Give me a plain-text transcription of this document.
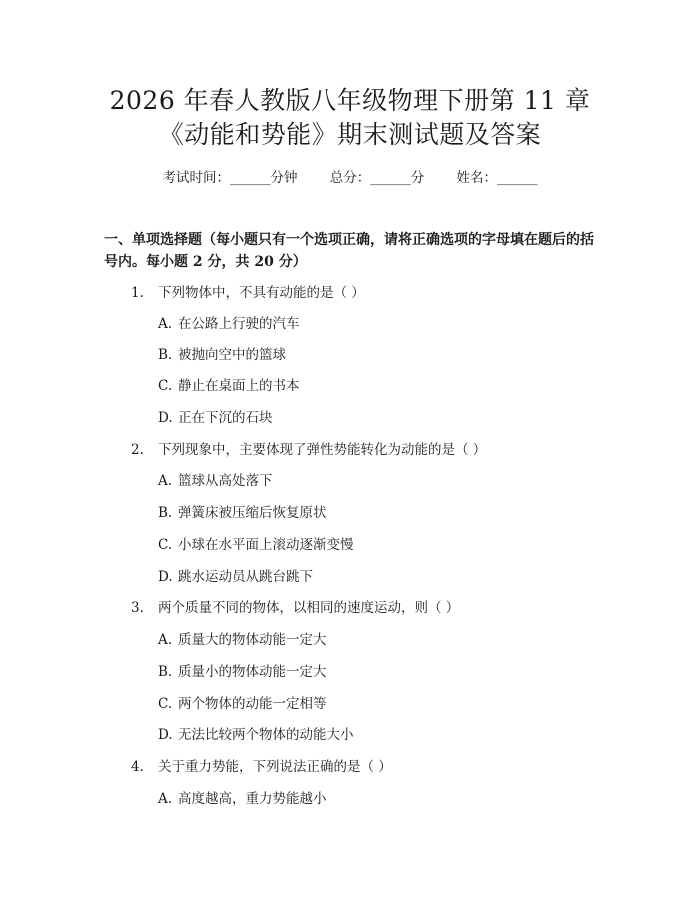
2026 年春人教版八年级物理下册第 11 章
《动能和势能》期末测试题及答案
考试时间：______分钟 总分：______分 姓名：______
一、单项选择题（每小题只有一个选项正确，请将正确选项的字母填在题后的括号内。每小题 2 分，共 20 分）
1. 下列物体中，不具有动能的是（ ）
A. 在公路上行驶的汽车
B. 被抛向空中的篮球
C. 静止在桌面上的书本
D. 正在下沉的石块
2. 下列现象中，主要体现了弹性势能转化为动能的是（ ）
A. 篮球从高处落下
B. 弹簧床被压缩后恢复原状
C. 小球在水平面上滚动逐渐变慢
D. 跳水运动员从跳台跳下
3. 两个质量不同的物体，以相同的速度运动，则（ ）
A. 质量大的物体动能一定大
B. 质量小的物体动能一定大
C. 两个物体的动能一定相等
D. 无法比较两个物体的动能大小
4. 关于重力势能，下列说法正确的是（ ）
A. 高度越高，重力势能越小
